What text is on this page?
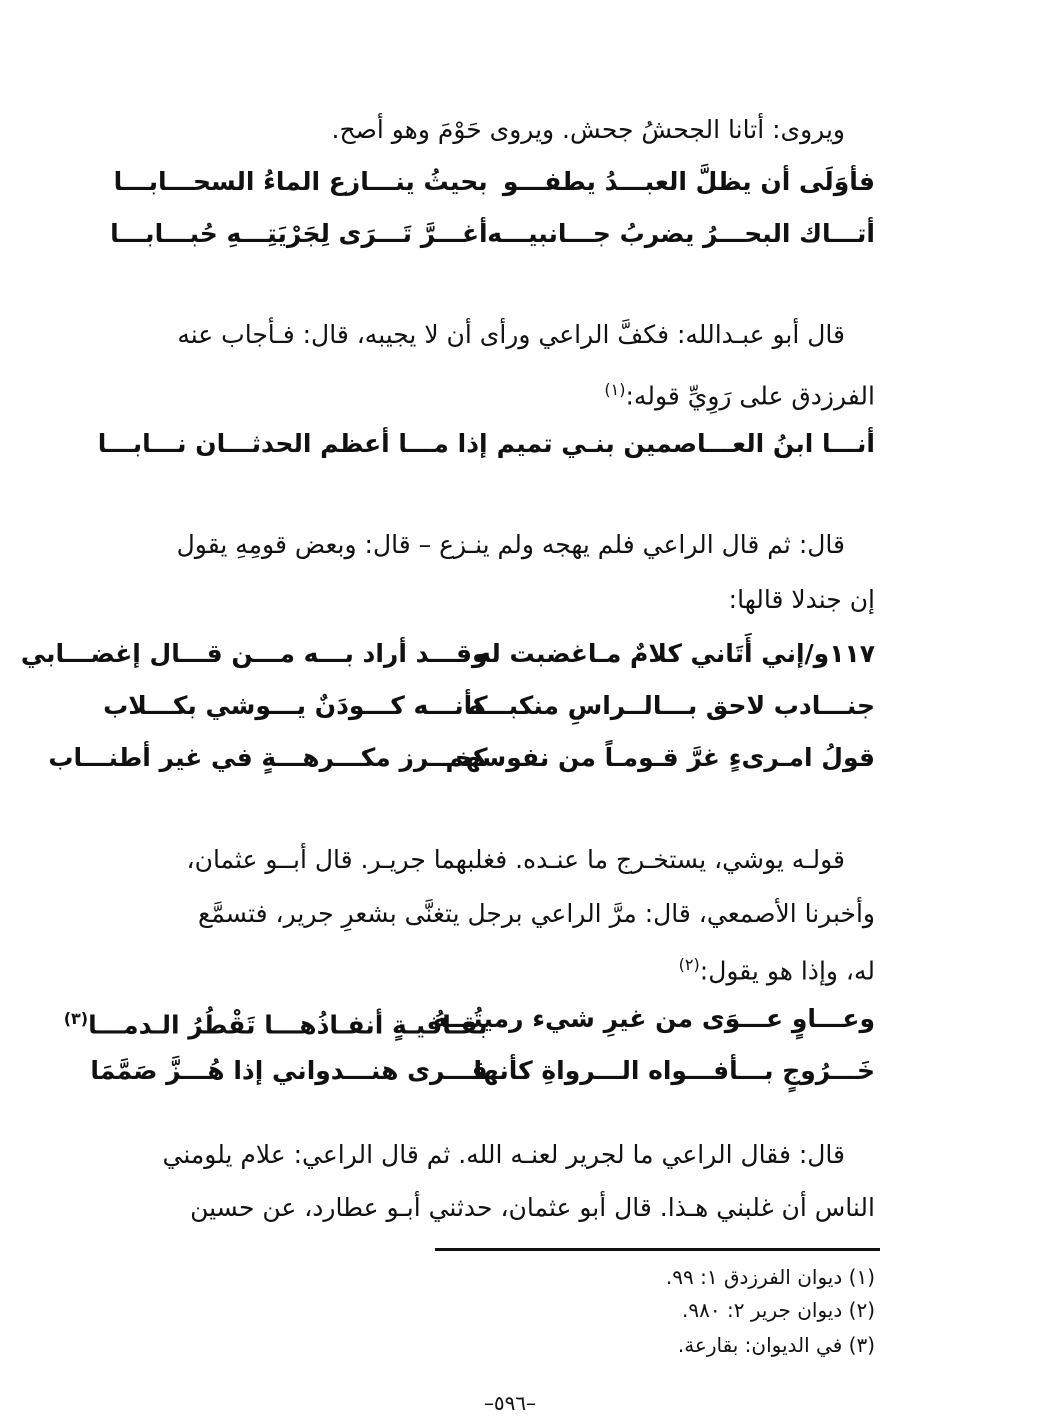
ويروى: أتانا الجحشُ جحش. ويروى حَوْمَ وهو أصح.
فأوَلَى أن يظلَّ العبـــدُ يطفـــو
بحيثُ ينـــازع الماءُ السحـــابـــا
أتـــاك البحـــرُ يضربُ جـــانبيـــه
أغـــرَّ تَـــرَى لِجَرْيَتِـــهِ حُبـــابـــا
قال أبو عبـدالله: فكفَّ الراعي ورأى أن لا يجيبه، قال: فـأجاب عنه
الفرزدق على رَوِيِّ قوله:$^{(١)}$
أنـــا ابنُ العـــاصمين بنـي تميم
إذا مـــا أعظم الحدثـــان نـــابـــا
قال: ثم قال الراعي فلم يهجه ولم ينـزع – قال: وبعض قومِهِ يقول
إن جندلا قالها:
١١٧و/إني أَتَاني كلامٌ مـاغضبت له
وقـــد أراد بـــه مـــن قـــال إغضـــابي
جنـــادب لاحق بـــالــراسِ منكبـــه
كأنـــه كـــودَنٌ يـــوشي بكـــلاب
قولُ امـرىءٍ غرَّ قـومـاً من نفوسهم
كخـــرز مكـــرهـــةٍ في غير أطنـــاب
قولـه يوشي، يستخـرج ما عنـده. فغلبهما جريـر. قال أبــو عثمان،
وأخبرنا الأصمعي، قال: مرَّ الراعي برجل يتغنَّى بشعرِ جرير، فتسمَّع
له، وإذا هو يقول:$^{(٢)}$
وعـــاوٍ عـــوَى من غيرِ شيء رميتُـــهُ
بقـافيـةٍ أنفـاذُهـــا تَقْطُرُ الـدمـــا$^{(٣)}$
خَـــرُوجٍ بـــأفـــواه الـــرواةِ كأنها
قـــرى هنـــدواني إذا هُـــزَّ صَمَّمَا
قال: فقال الراعي ما لجرير لعنـه الله. ثم قال الراعي: علام يلومني
الناس أن غلبني هـذا. قال أبو عثمان، حدثني أبـو عطارد، عن حسين
(١) ديوان الفرزدق ١: ٩٩.
(٢) ديوان جرير ٢: ٩٨٠.
(٣) في الديوان: بقارعة.
–٥٩٦–
